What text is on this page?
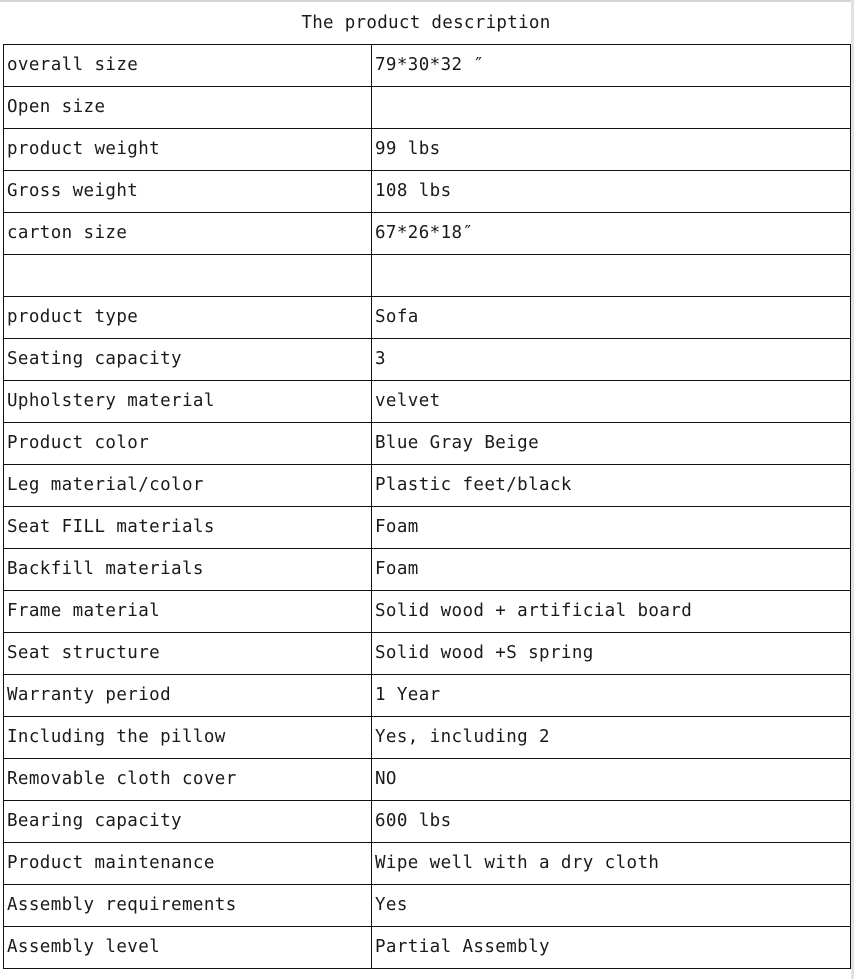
The product description
overall size	79*30*32 ″
Open size	
product weight	99 lbs
Gross weight	108 lbs
carton size	67*26*18″

product type	Sofa
Seating capacity	3
Upholstery material	velvet
Product color	Blue Gray Beige
Leg material/color	Plastic feet/black
Seat FILL materials	Foam
Backfill materials	Foam
Frame material	Solid wood + artificial board
Seat structure	Solid wood +S spring
Warranty period	1 Year
Including the pillow	Yes, including 2
Removable cloth cover	NO
Bearing capacity	600 lbs
Product maintenance	Wipe well with a dry cloth
Assembly requirements	Yes
Assembly level	Partial Assembly
